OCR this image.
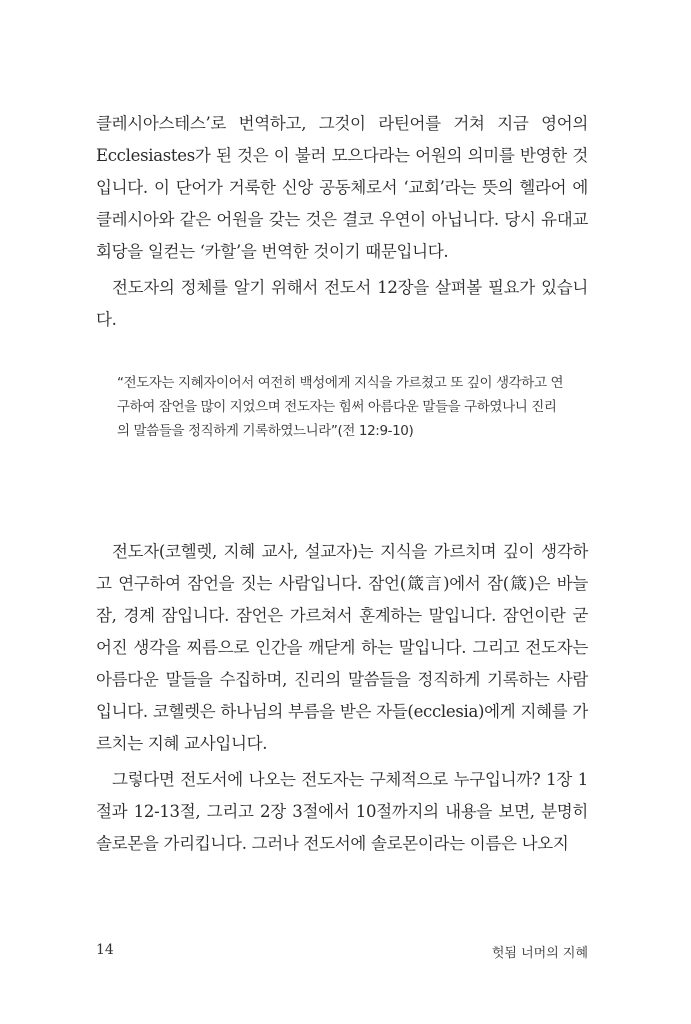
클레시아스테스’로 번역하고, 그것이 라틴어를 거쳐 지금 영어의 Ecclesiastes가 된 것은 이 불러 모으다라는 어원의 의미를 반영한 것입니다. 이 단어가 거룩한 신앙 공동체로서 ‘교회’라는 뜻의 헬라어 에클레시아와 같은 어원을 갖는 것은 결코 우연이 아닙니다. 당시 유대교 회당을 일컫는 ‘카할’을 번역한 것이기 때문입니다.

전도자의 정체를 알기 위해서 전도서 12장을 살펴볼 필요가 있습니다.

“전도자는 지혜자이어서 여전히 백성에게 지식을 가르쳤고 또 깊이 생각하고 연구하여 잠언을 많이 지었으며 전도자는 힘써 아름다운 말들을 구하였나니 진리의 말씀들을 정직하게 기록하였느니라”(전 12:9-10)

전도자(코헬렛, 지혜 교사, 설교자)는 지식을 가르치며 깊이 생각하고 연구하여 잠언을 짓는 사람입니다. 잠언(箴言)에서 잠(箴)은 바늘 잠, 경계 잠입니다. 잠언은 가르쳐서 훈계하는 말입니다. 잠언이란 굳어진 생각을 찌름으로 인간을 깨닫게 하는 말입니다. 그리고 전도자는 아름다운 말들을 수집하며, 진리의 말씀들을 정직하게 기록하는 사람입니다. 코헬렛은 하나님의 부름을 받은 자들(ecclesia)에게 지혜를 가르치는 지혜 교사입니다.

그렇다면 전도서에 나오는 전도자는 구체적으로 누구입니까? 1장 1절과 12-13절, 그리고 2장 3절에서 10절까지의 내용을 보면, 분명히 솔로몬을 가리킵니다. 그러나 전도서에 솔로몬이라는 이름은 나오지

14	헛됨 너머의 지혜
